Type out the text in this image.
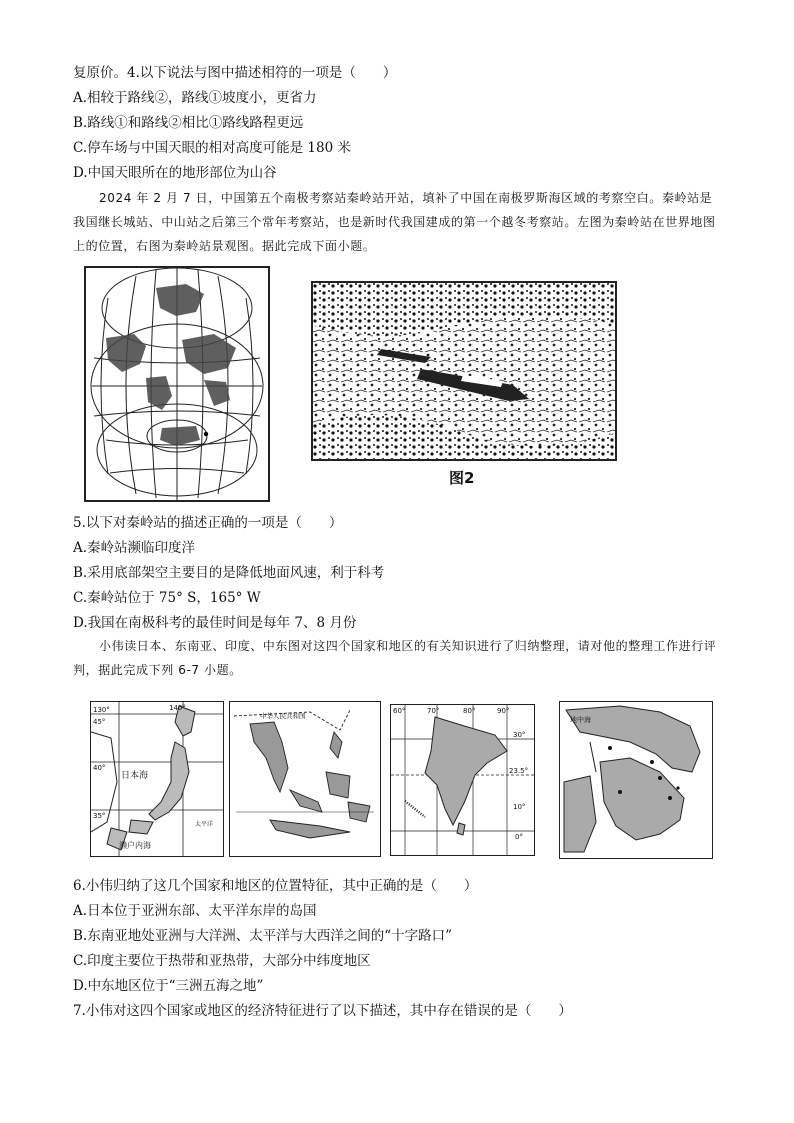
复原价。4.以下说法与图中描述相符的一项是（　　）
A.相较于路线②，路线①坡度小，更省力
B.路线①和路线②相比①路线路程更远
C.停车场与中国天眼的相对高度可能是 180 米
D.中国天眼所在的地形部位为山谷
2024 年 2 月 7 日，中国第五个南极考察站秦岭站开站，填补了中国在南极罗斯海区域的考察空白。秦岭站是我国继长城站、中山站之后第三个常年考察站，也是新时代我国建成的第一个越冬考察站。左图为秦岭站在世界地图上的位置，右图为秦岭站景观图。据此完成下面小题。
图2
5.以下对秦岭站的描述正确的一项是（　　）
A.秦岭站濒临印度洋
B.采用底部架空主要目的是降低地面风速，利于科考
C.秦岭站位于 75° S，165° W
D.我国在南极科考的最佳时间是每年 7、8 月份
小伟读日本、东南亚、印度、中东图对这四个国家和地区的有关知识进行了归纳整理，请对他的整理工作进行评判，据此完成下列 6-7 小题。
130°	140°
45°
40°
35°
日本海
濑户内海
太平洋
中华人民共和国
60°	70°	80°	90°
30°
23.5°
10°
0°
地中海
6.小伟归纳了这几个国家和地区的位置特征，其中正确的是（　　）
A.日本位于亚洲东部、太平洋东岸的岛国
B.东南亚地处亚洲与大洋洲、太平洋与大西洋之间的“十字路口”
C.印度主要位于热带和亚热带，大部分中纬度地区
D.中东地区位于“三洲五海之地”
7.小伟对这四个国家或地区的经济特征进行了以下描述，其中存在错误的是（　　）
